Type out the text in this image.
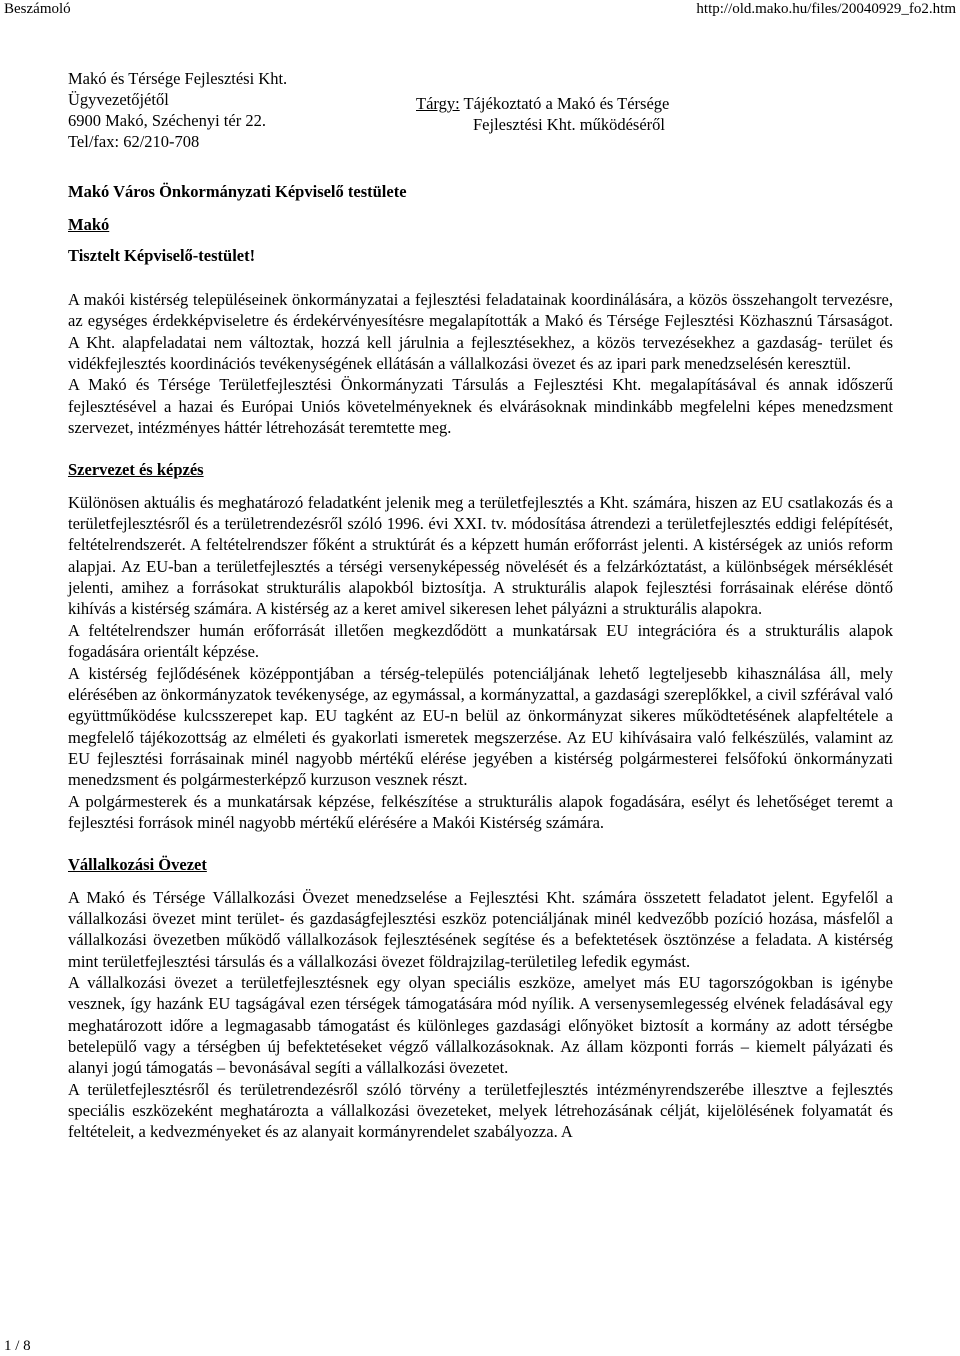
Beszámoló	http://old.mako.hu/files/20040929_fo2.htm
Makó és Térsége Fejlesztési Kht.
Ügyvezetőjétől
6900 Makó, Széchenyi tér 22.
Tel/fax: 62/210-708
Tárgy: Tájékoztató a Makó és Térsége
Fejlesztési Kht. működéséről
Makó Város Önkormányzati Képviselő testülete
Makó
Tisztelt Képviselő-testület!

A makói kistérség településeinek önkormányzatai a fejlesztési feladatainak koordinálására, a közös összehangolt tervezésre, az egységes érdekképviseletre és érdekérvényesítésre megalapították a Makó és Térsége Fejlesztési Közhasznú Társaságot. A Kht. alapfeladatai nem változtak, hozzá kell járulnia a fejlesztésekhez, a közös tervezésekhez a gazdaság- terület és vidékfejlesztés koordinációs tevékenységének ellátásán a vállalkozási övezet és az ipari park menedzselésén keresztül.

A Makó és Térsége Területfejlesztési Önkormányzati Társulás a Fejlesztési Kht. megalapításával és annak időszerű fejlesztésével a hazai és Európai Uniós követelményeknek és elvárásoknak mindinkább megfelelni képes menedzsment szervezet, intézményes háttér létrehozását teremtette meg.

Szervezet és képzés

Különösen aktuális és meghatározó feladatként jelenik meg a területfejlesztés a Kht. számára, hiszen az EU csatlakozás és a területfejlesztésről és a területrendezésről szóló 1996. évi XXI. tv. módosítása átrendezi a területfejlesztés eddigi felépítését, feltételrendszerét. A feltételrendszer főként a struktúrát és a képzett humán erőforrást jelenti. A kistérségek az uniós reform alapjai. Az EU-ban a területfejlesztés a térségi versenyképesség növelését és a felzárkóztatást, a különbségek mérséklését jelenti, amihez a forrásokat strukturális alapokból biztosítja. A strukturális alapok fejlesztési forrásainak elérése döntő kihívás a kistérség számára. A kistérség az a keret amivel sikeresen lehet pályázni a strukturális alapokra.

A feltételrendszer humán erőforrását illetően megkezdődött a munkatársak EU integrációra és a strukturális alapok fogadására orientált képzése.

A kistérség fejlődésének középpontjában a térség-település potenciáljának lehető legteljesebb kihasználása áll, mely elérésében az önkormányzatok tevékenysége, az egymással, a kormányzattal, a gazdasági szereplőkkel, a civil szférával való együttműködése kulcsszerepet kap. EU tagként az EU-n belül az önkormányzat sikeres működtetésének alapfeltétele a megfelelő tájékozottság az elméleti és gyakorlati ismeretek megszerzése. Az EU kihívásaira való felkészülés, valamint az EU fejlesztési forrásainak minél nagyobb mértékű elérése jegyében a kistérség polgármesterei felsőfokú önkormányzati menedzsment és polgármesterképző kurzuson vesznek részt.

A polgármesterek és a munkatársak képzése, felkészítése a strukturális alapok fogadására, esélyt és lehetőséget teremt a fejlesztési források minél nagyobb mértékű elérésére a Makói Kistérség számára.

Vállalkozási Övezet

A Makó és Térsége Vállalkozási Övezet menedzselése a Fejlesztési Kht. számára összetett feladatot jelent. Egyfelől a vállalkozási övezet mint terület- és gazdaságfejlesztési eszköz potenciáljának minél kedvezőbb pozíció hozása, másfelől a vállalkozási övezetben működő vállalkozások fejlesztésének segítése és a befektetések ösztönzése a feladata. A kistérség mint területfejlesztési társulás és a vállalkozási övezet földrajzilag-területileg lefedik egymást.

A vállalkozási övezet a területfejlesztésnek egy olyan speciális eszköze, amelyet más EU tagorszógokban is igénybe vesznek, így hazánk EU tagságával ezen térségek támogatására mód nyílik. A versenysemlegesség elvének feladásával egy meghatározott időre a legmagasabb támogatást és különleges gazdasági előnyöket biztosít a kormány az adott térségbe betelepülő vagy a térségben új befektetéseket végző vállalkozásoknak. Az állam központi forrás – kiemelt pályázati és alanyi jogú támogatás – bevonásával segíti a vállalkozási övezetet.

A területfejlesztésről és területrendezésről szóló törvény a területfejlesztés intézményrendszerébe illesztve a fejlesztés speciális eszközeként meghatározta a vállalkozási övezeteket, melyek létrehozásának célját, kijelölésének folyamatát és feltételeit, a kedvezményeket és az alanyait kormányrendelet szabályozza. A

1 / 8
